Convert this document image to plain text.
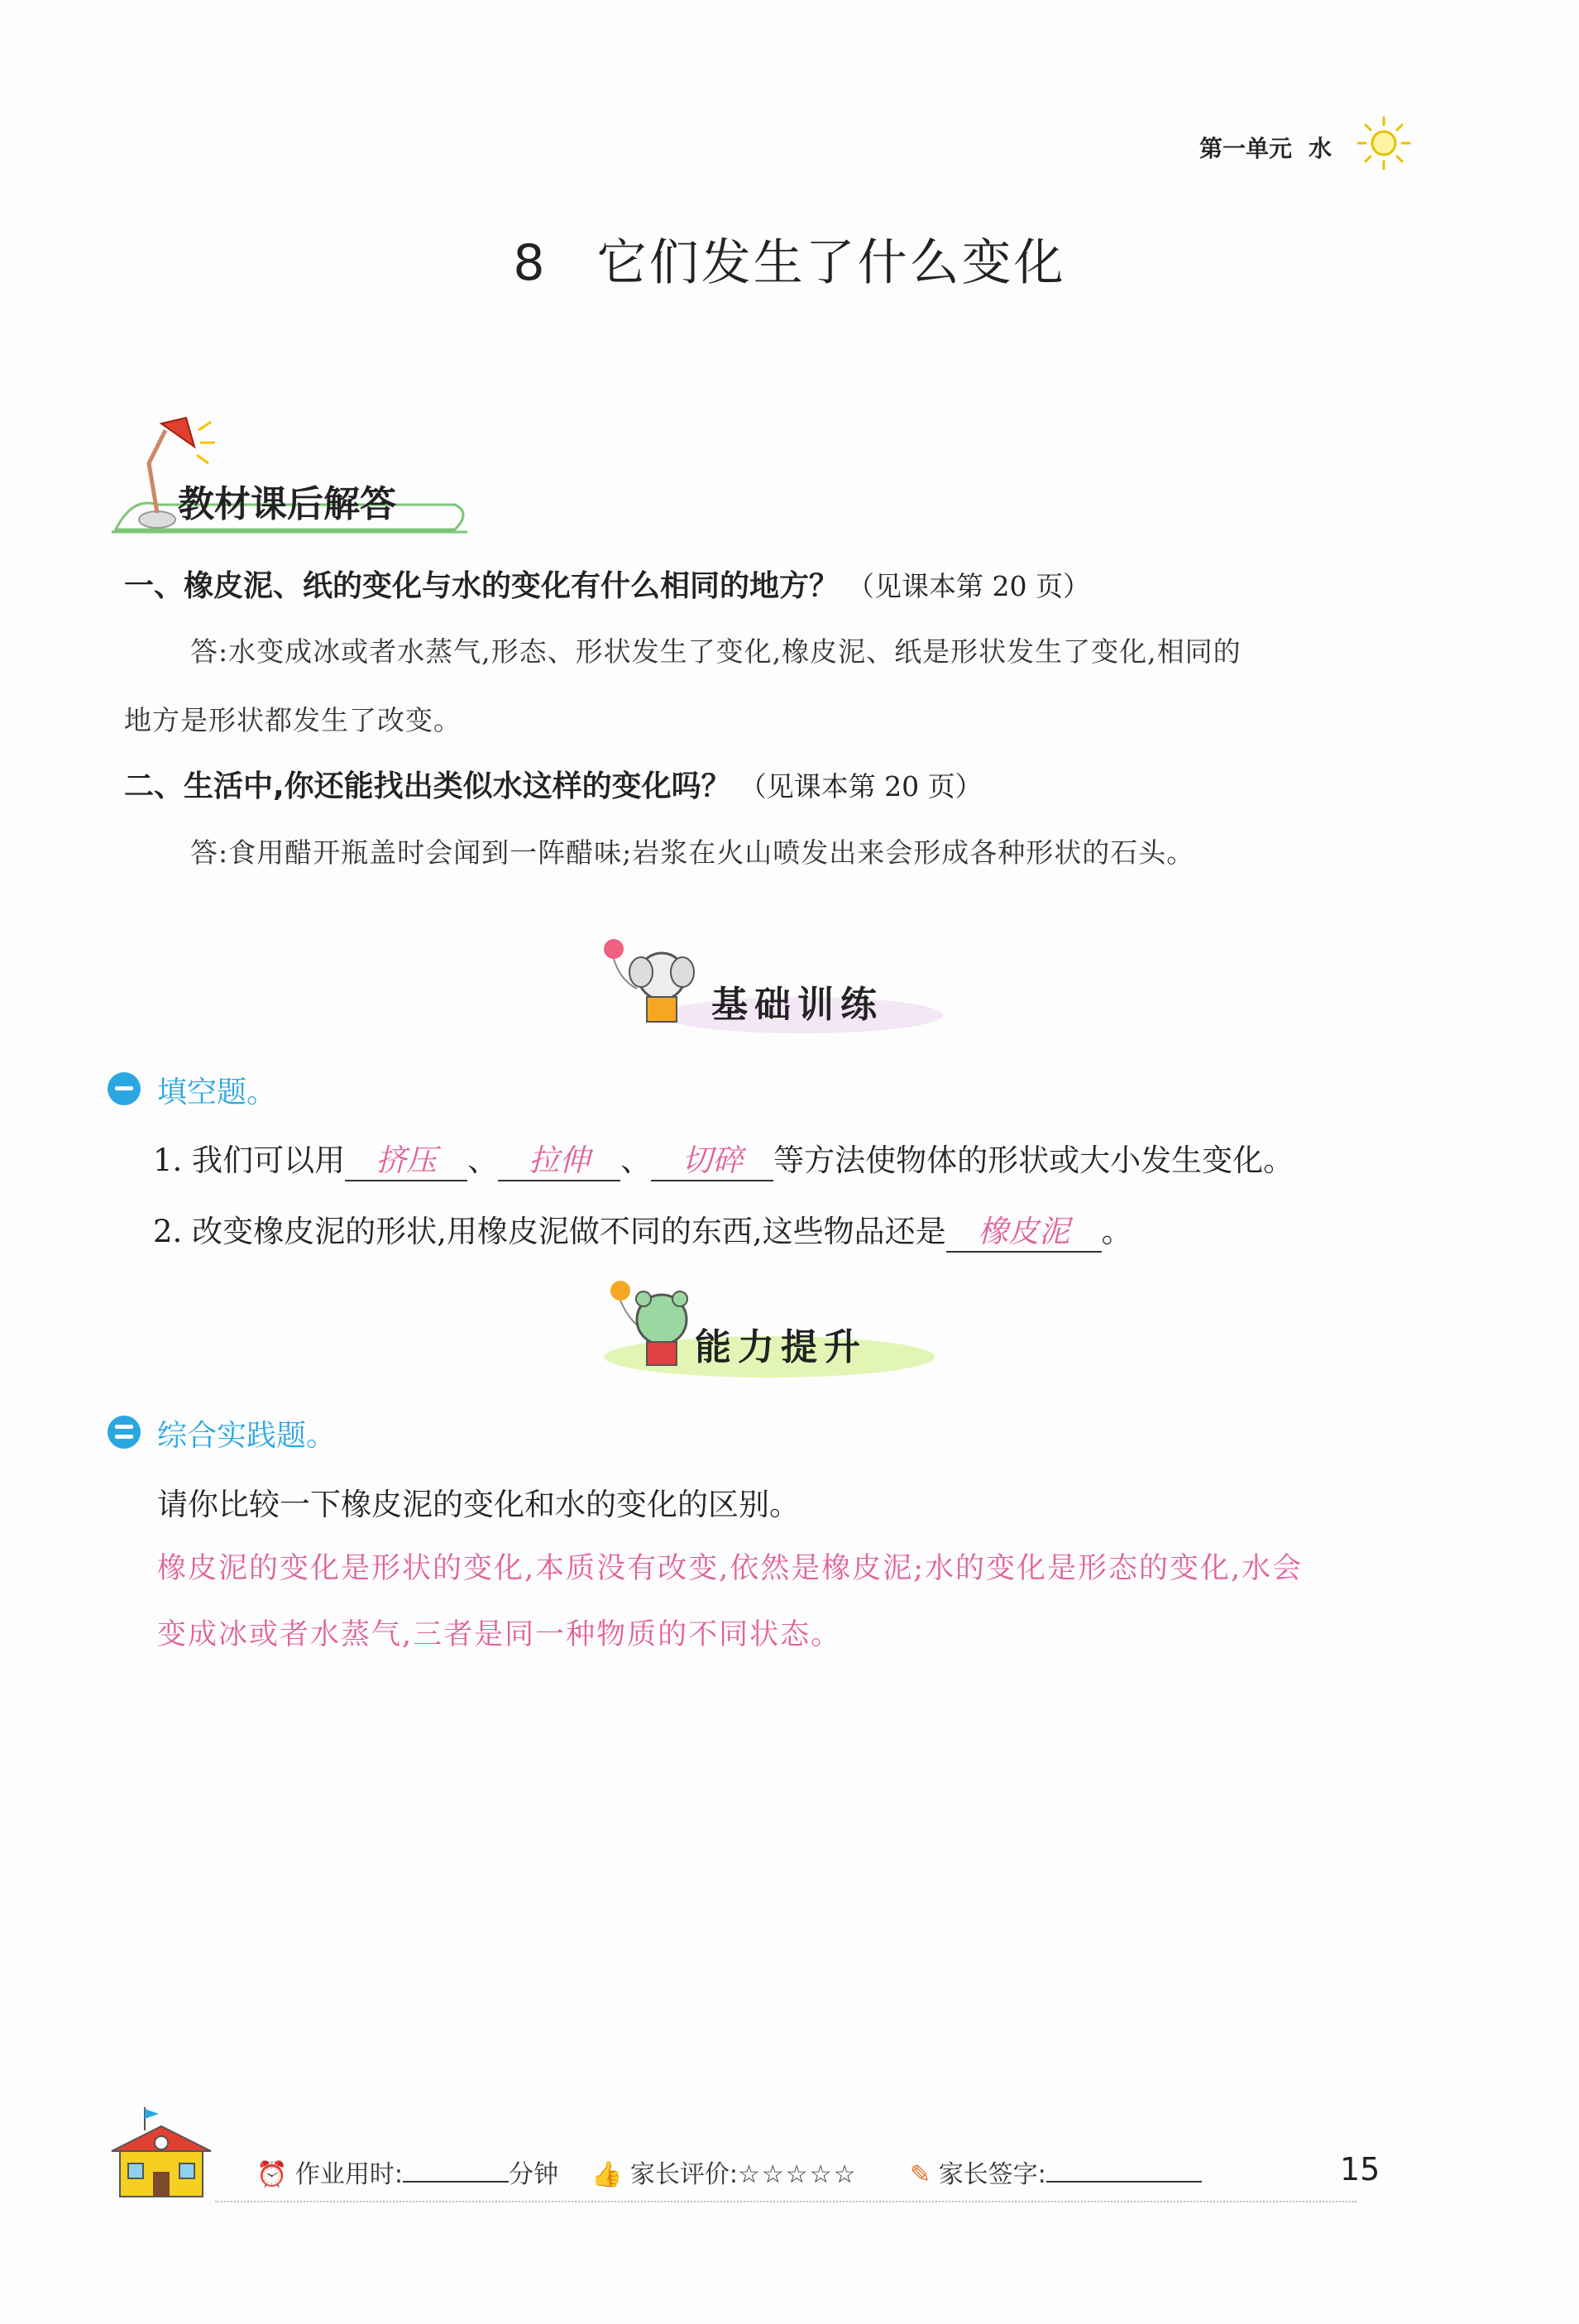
第一单元 水
8 它们发生了什么变化
教材课后解答
一、橡皮泥、纸的变化与水的变化有什么相同的地方？ （见课本第 20 页）
答:水变成冰或者水蒸气,形态、形状发生了变化,橡皮泥、纸是形状发生了变化,相同的
地方是形状都发生了改变。
二、生活中,你还能找出类似水这样的变化吗？ （见课本第 20 页）
答:食用醋开瓶盖时会闻到一阵醋味;岩浆在火山喷发出来会形成各种形状的石头。
基础训练
填空题。
1. 我们可以用 挤压 、 拉伸 、 切碎 等方法使物体的形状或大小发生变化。
2. 改变橡皮泥的形状,用橡皮泥做不同的东西,这些物品还是 橡皮泥 。
能力提升
综合实践题。
请你比较一下橡皮泥的变化和水的变化的区别。
橡皮泥的变化是形状的变化,本质没有改变,依然是橡皮泥;水的变化是形态的变化,水会
变成冰或者水蒸气,三者是同一种物质的不同状态。
⏰ 作业用时:	分钟 👍 家长评价:☆☆☆☆☆ ✎ 家长签字:	15
